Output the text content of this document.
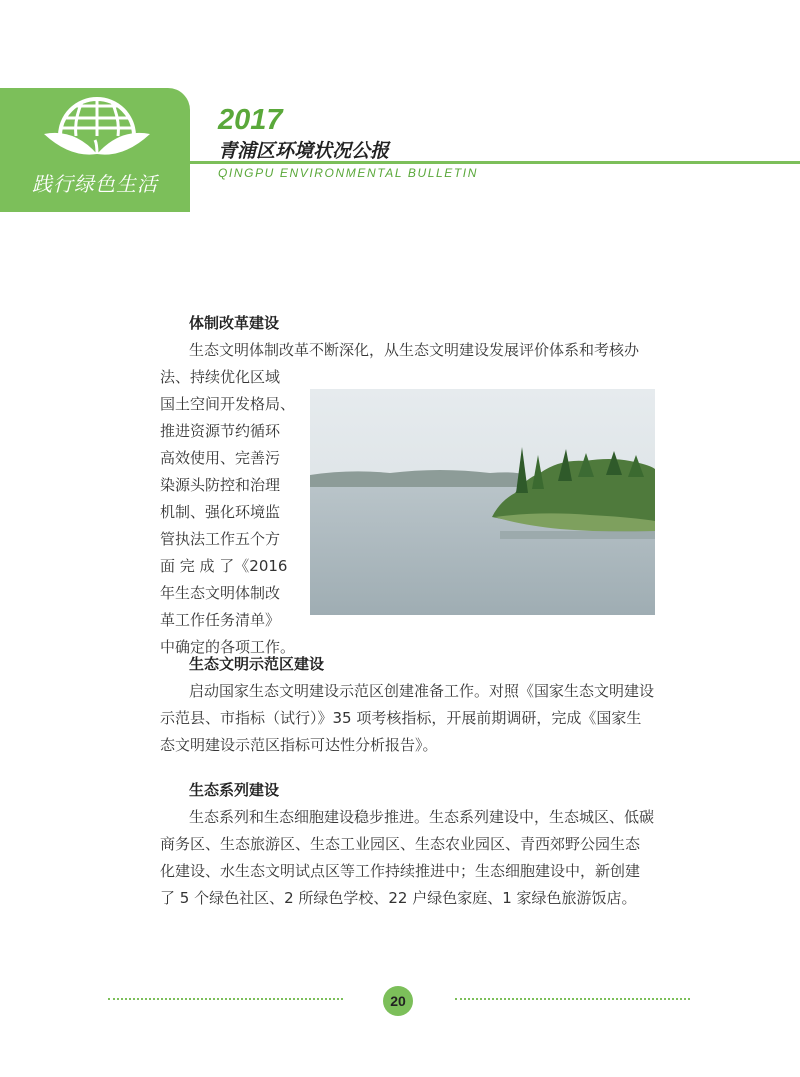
践行绿色生活
2017
青浦区环境状况公报
QINGPU ENVIRONMENTAL BULLETIN
体制改革建设
生态文明体制改革不断深化，从生态文明建设发展评价体系和考核办
法、持续优化区域
国土空间开发格局、
推进资源节约循环
高效使用、完善污
染源头防控和治理
机制、强化环境监
管执法工作五个方
面 完 成 了《2016
年生态文明体制改
革工作任务清单》
中确定的各项工作。
生态文明示范区建设
启动国家生态文明建设示范区创建准备工作。对照《国家生态文明建设
示范县、市指标（试行）》35 项考核指标，开展前期调研，完成《国家生
态文明建设示范区指标可达性分析报告》。
生态系列建设
生态系列和生态细胞建设稳步推进。生态系列建设中，生态城区、低碳
商务区、生态旅游区、生态工业园区、生态农业园区、青西郊野公园生态
化建设、水生态文明试点区等工作持续推进中；生态细胞建设中，新创建
了 5 个绿色社区、2 所绿色学校、22 户绿色家庭、1 家绿色旅游饭店。
20
